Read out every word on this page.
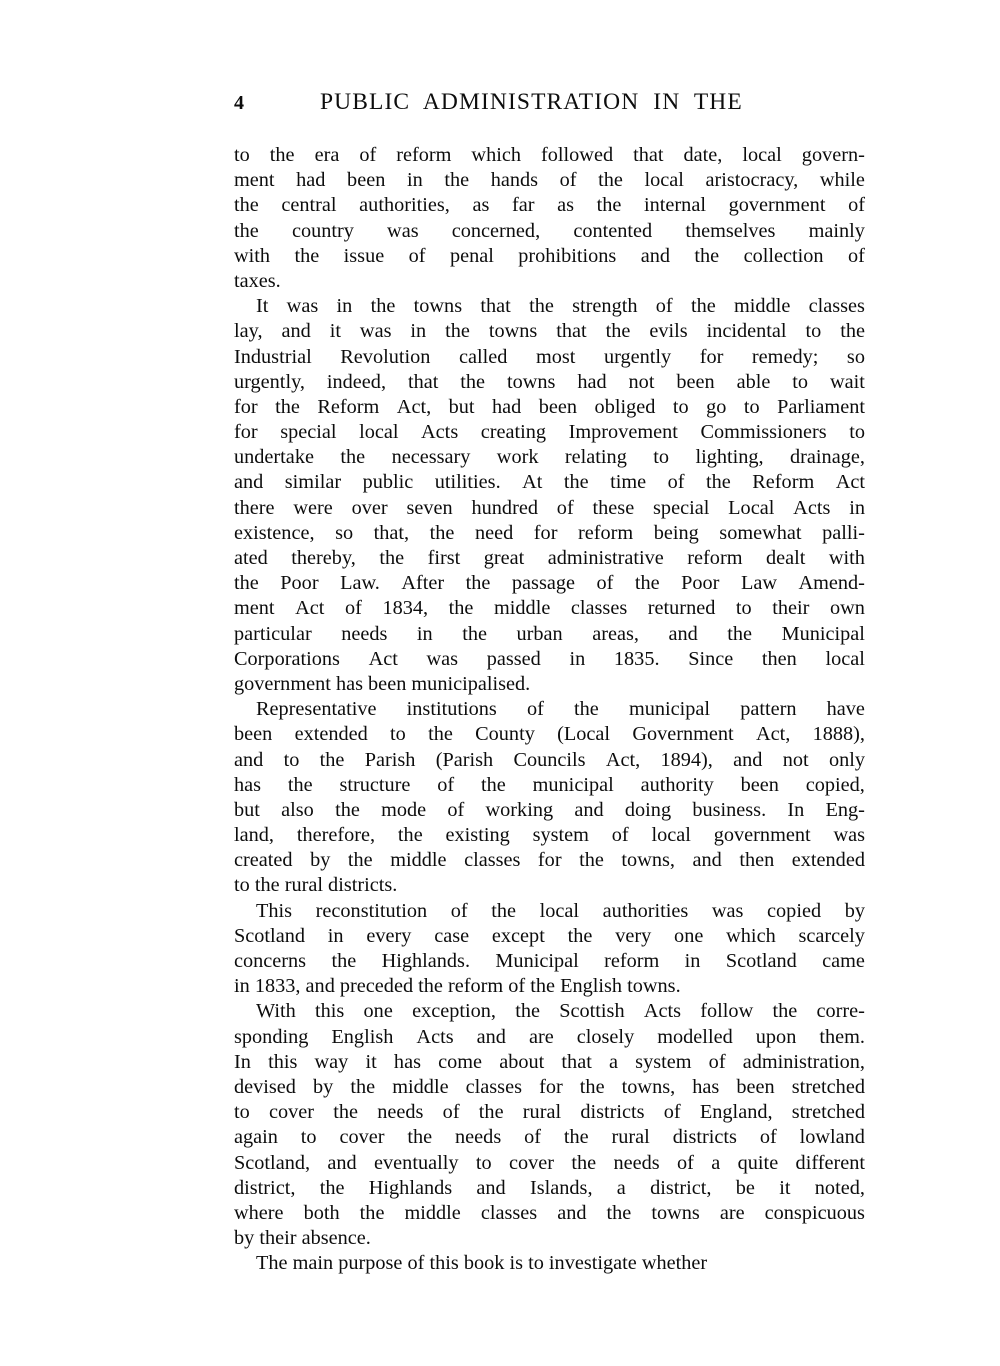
4	PUBLIC ADMINISTRATION IN THE
to the era of reform which followed that date, local govern-
ment had been in the hands of the local aristocracy, while
the central authorities, as far as the internal government of
the country was concerned, contented themselves mainly
with the issue of penal prohibitions and the collection of
taxes.
It was in the towns that the strength of the middle classes
lay, and it was in the towns that the evils incidental to the
Industrial Revolution called most urgently for remedy; so
urgently, indeed, that the towns had not been able to wait
for the Reform Act, but had been obliged to go to Parliament
for special local Acts creating Improvement Commissioners to
undertake the necessary work relating to lighting, drainage,
and similar public utilities. At the time of the Reform Act
there were over seven hundred of these special Local Acts in
existence, so that, the need for reform being somewhat palli-
ated thereby, the first great administrative reform dealt with
the Poor Law. After the passage of the Poor Law Amend-
ment Act of 1834, the middle classes returned to their own
particular needs in the urban areas, and the Municipal
Corporations Act was passed in 1835. Since then local
government has been municipalised.
Representative institutions of the municipal pattern have
been extended to the County (Local Government Act, 1888),
and to the Parish (Parish Councils Act, 1894), and not only
has the structure of the municipal authority been copied,
but also the mode of working and doing business. In Eng-
land, therefore, the existing system of local government was
created by the middle classes for the towns, and then extended
to the rural districts.
This reconstitution of the local authorities was copied by
Scotland in every case except the very one which scarcely
concerns the Highlands. Municipal reform in Scotland came
in 1833, and preceded the reform of the English towns.
With this one exception, the Scottish Acts follow the corre-
sponding English Acts and are closely modelled upon them.
In this way it has come about that a system of administration,
devised by the middle classes for the towns, has been stretched
to cover the needs of the rural districts of England, stretched
again to cover the needs of the rural districts of lowland
Scotland, and eventually to cover the needs of a quite different
district, the Highlands and Islands, a district, be it noted,
where both the middle classes and the towns are conspicuous
by their absence.
The main purpose of this book is to investigate whether
